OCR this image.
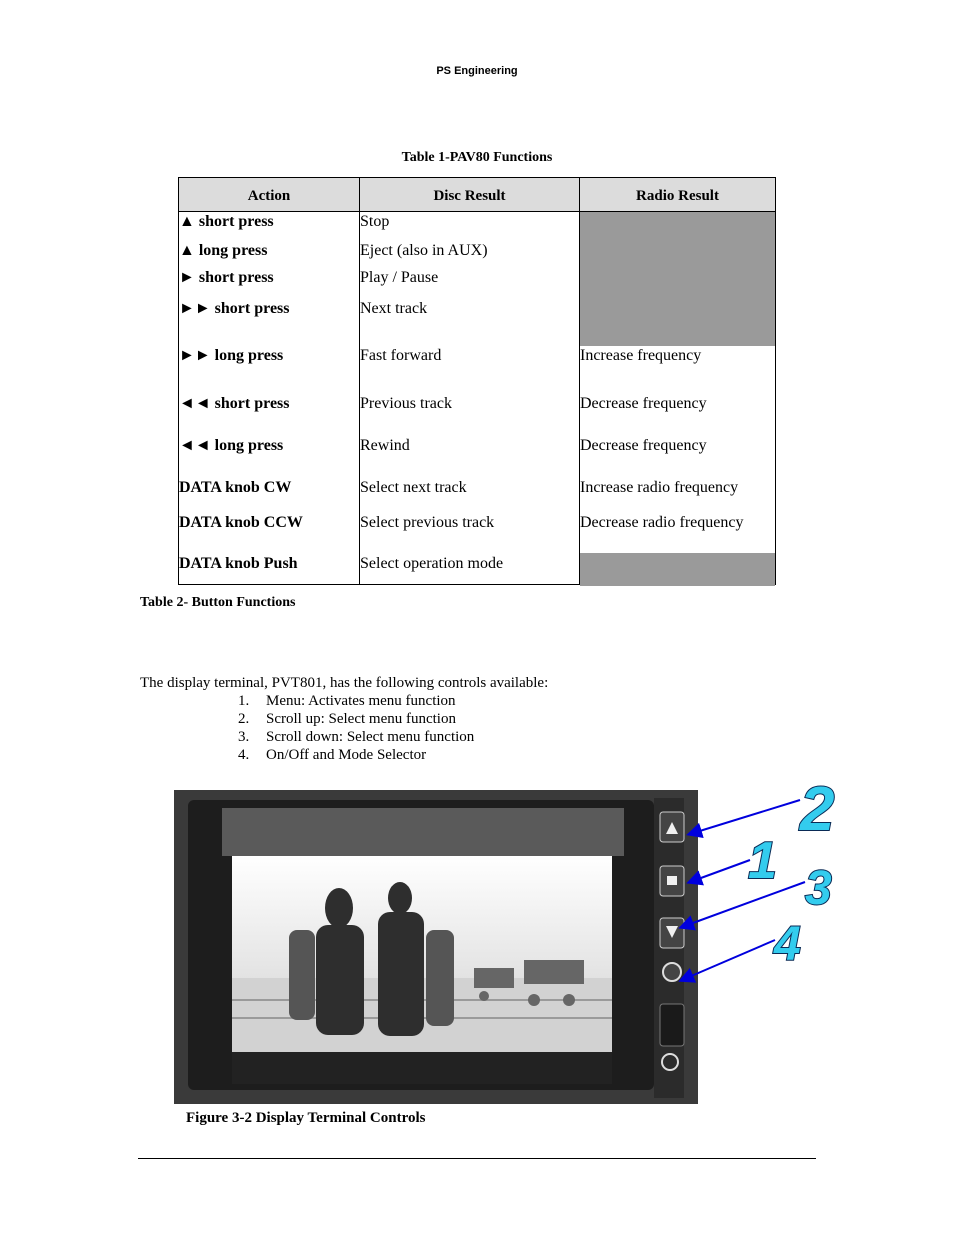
PS Engineering
Table 1-PAV80 Functions
Action
▲ short press
▲ long press
► short press
►► short press
►► long press
◄◄ short press
◄◄ long press
DATA knob CW
DATA knob CCW
DATA knob Push
Disc Result
Stop
Eject (also in AUX)
Play / Pause
Next track
Fast forward
Previous track
Rewind
Select next track
Select previous track
Select operation mode
Radio Result
Increase frequency
Decrease frequency
Decrease frequency
Increase radio frequency
Decrease radio frequency
Table 2- Button Functions
The display terminal, PVT801, has the following controls available:
1. Menu: Activates menu function
2. Scroll up: Select menu function
3. Scroll down: Select menu function
4. On/Off and Mode Selector
2
1 3
4
Figure 3-2 Display Terminal Controls
